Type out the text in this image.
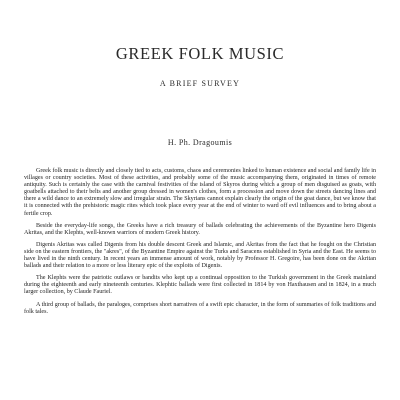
GREEK FOLK MUSIC
A BRIEF SURVEY
H. Ph. Dragoumis

Greek folk music is directly and closely tied to acts, customs, chaos and ceremonies linked to human existence and social and family life in villages or country societies. Most of these activities, and probably some of the music accompanying them, originated in times of remote antiquity. Such is certainly the case with the carnival festivities of the island of Skyros during which a group of men disguised as goats, with goatbells attached to their belts and another group dressed in women's clothes, form a procession and move down the streets dancing lines and there a wild dance to an extremely slow and irregular strain. The Skyrians cannot explain clearly the origin of the goat dance, but we know that it is connected with the prehistoric magic rites which took place every year at the end of winter to ward off evil influences and to bring about a fertile crop.

Beside the everyday-life songs, the Greeks have a rich treasury of ballads celebrating the achievements of the Byzantine hero Digenis Akritas, and the Klephts, well-known warriors of modern Greek history.

Digenis Akritas was called Digenis from his double descent Greek and Islamic, and Akritas from the fact that he fought on the Christian side on the eastern frontiers, the "akres", of the Byzantine Empire against the Turks and Saracens established in Syria and the East. He seems to have lived in the ninth century. In recent years an immense amount of work, notably by Professor H. Gregoire, has been done on the Akritan ballads and their relation to a more or less literary epic of the exploits of Digenis.

The Klephts were the patriotic outlaws or bandits who kept up a continual opposition to the Turkish government in the Greek mainland during the eighteenth and early nineteenth centuries. Klephtic ballads were first collected in 1814 by von Haxthausen and in 1824, in a much larger collection, by Claude Fauriel.

A third group of ballads, the paraloges, comprises short narratives of a swift epic character, in the form of summaries of folk traditions and folk tales.
